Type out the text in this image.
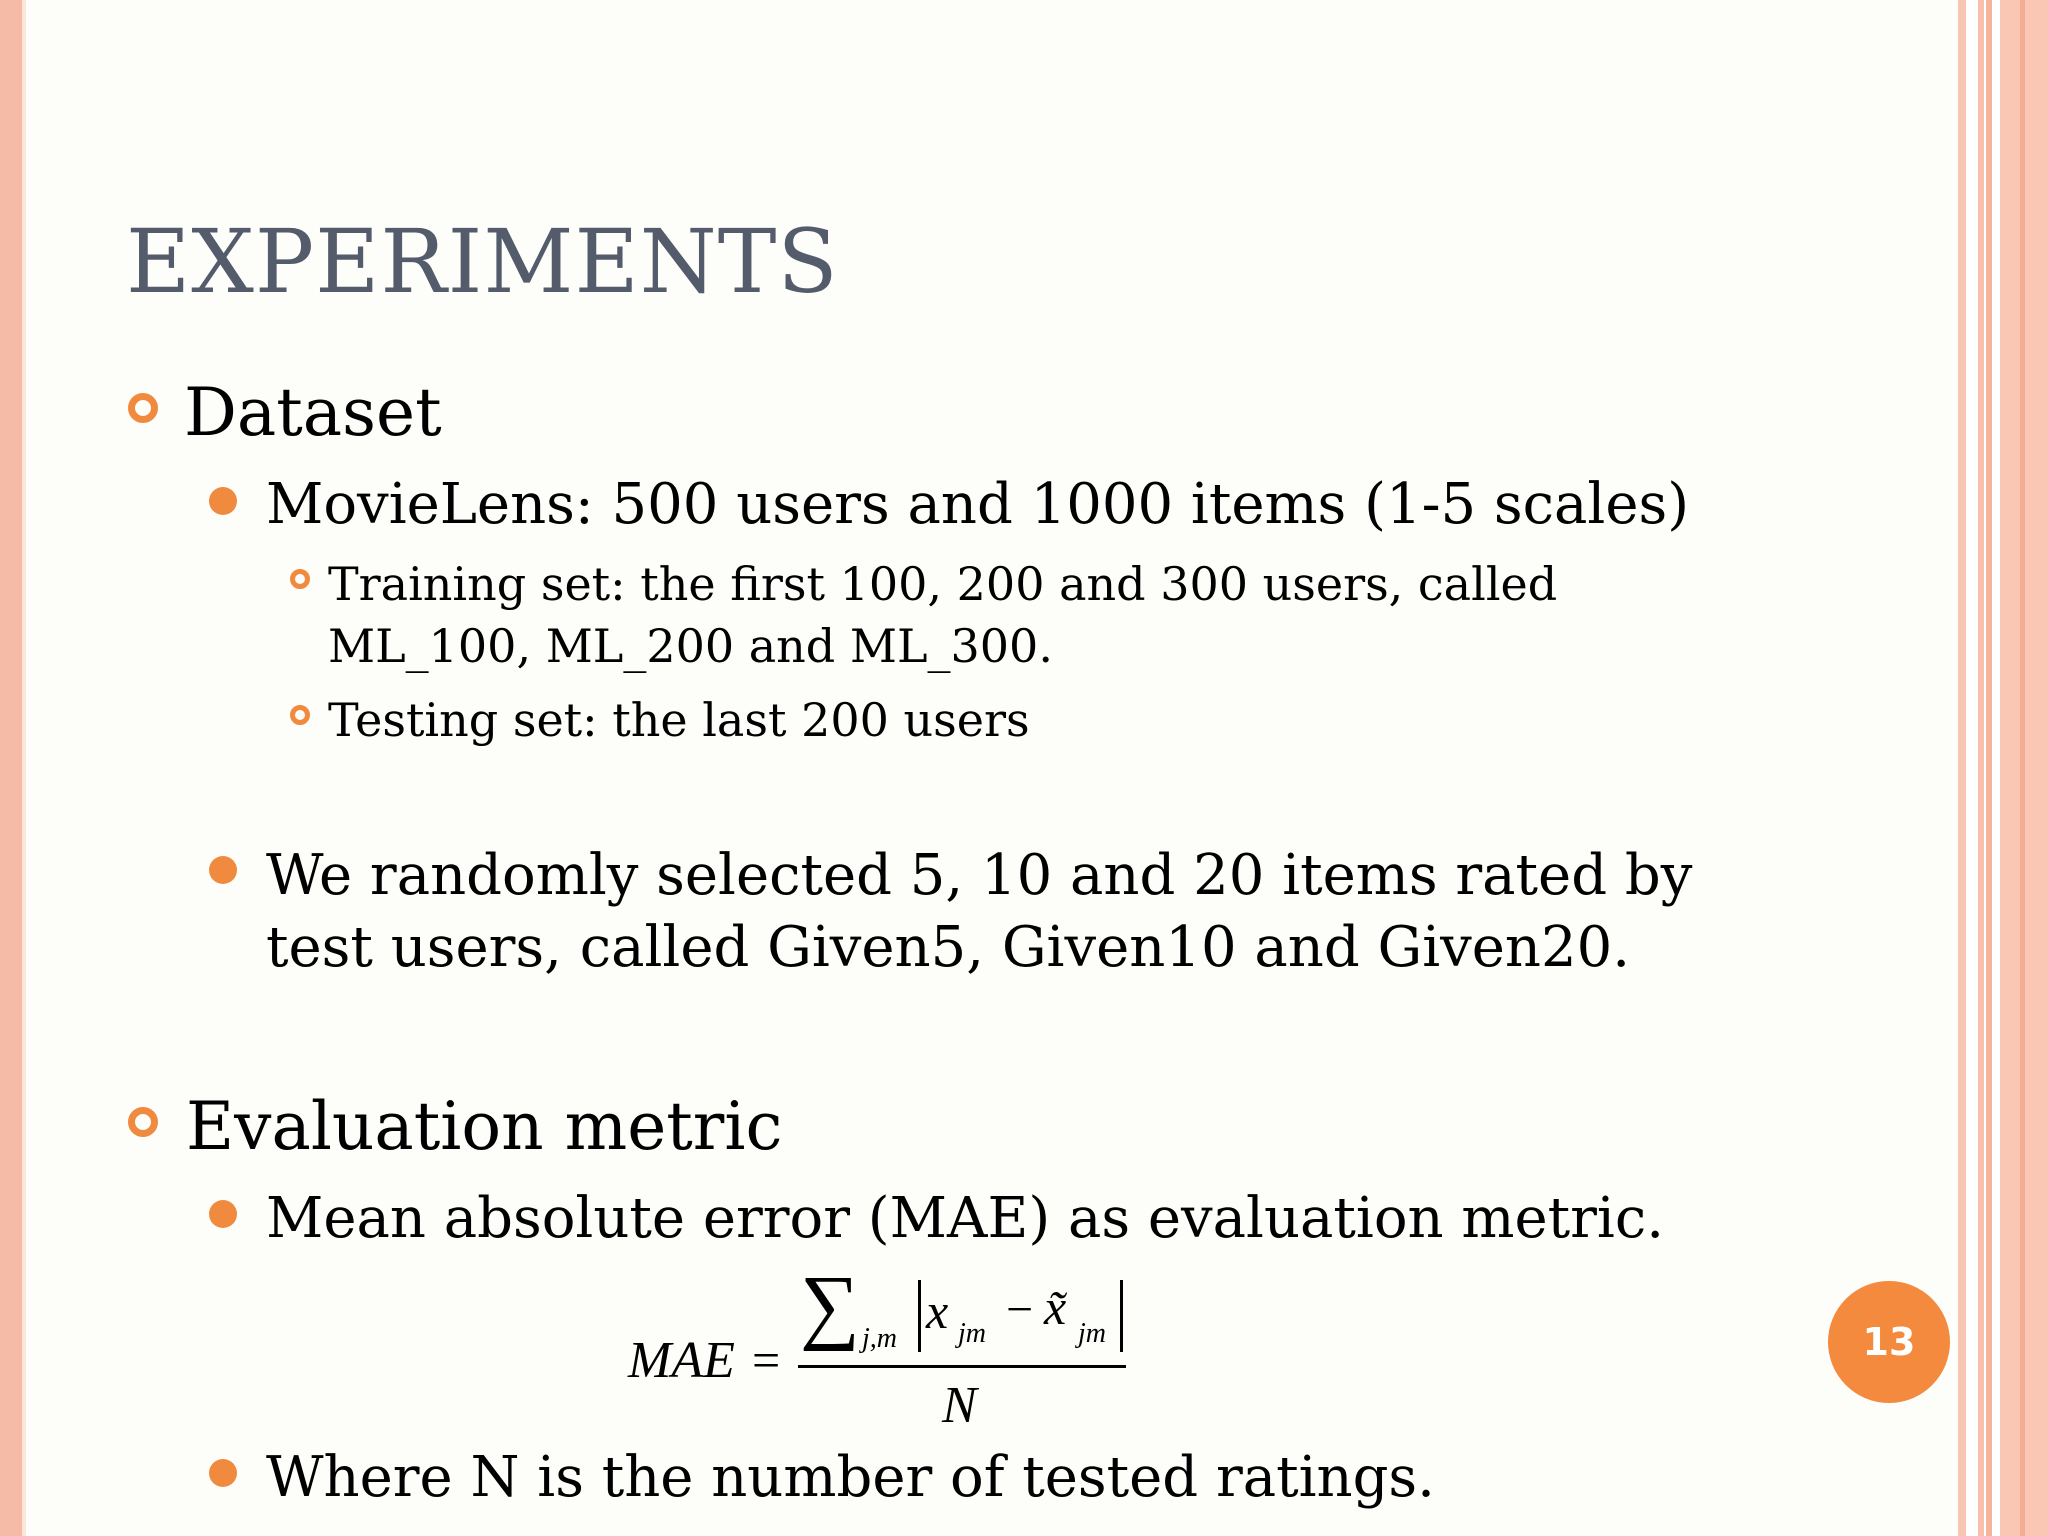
EXPERIMENTS
Dataset
MovieLens: 500 users and 1000 items (1-5 scales)
Training set: the first 100, 200 and 300 users, called
ML_100, ML_200 and ML_300.
Testing set: the last 200 users
We randomly selected 5, 10 and 20 items rated by
test users, called Given5, Given10 and Given20.
Evaluation metric
Mean absolute error (MAE) as evaluation metric.
MAE =
∑ j,m x jm − x̃ jm
N
Where N is the number of tested ratings.
13
